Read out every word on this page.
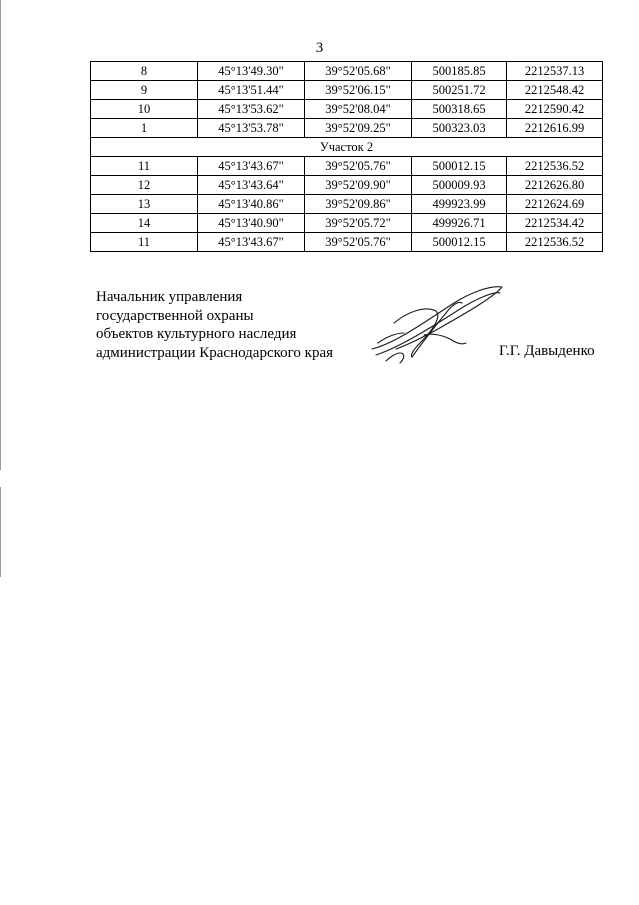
3
8	45°13'49.30"	39°52'05.68"	500185.85	2212537.13
9	45°13'51.44"	39°52'06.15"	500251.72	2212548.42
10	45°13'53.62"	39°52'08.04"	500318.65	2212590.42
1	45°13'53.78"	39°52'09.25"	500323.03	2212616.99
Участок 2				
11	45°13'43.67"	39°52'05.76"	500012.15	2212536.52
12	45°13'43.64"	39°52'09.90"	500009.93	2212626.80
13	45°13'40.86"	39°52'09.86"	499923.99	2212624.69
14	45°13'40.90"	39°52'05.72"	499926.71	2212534.42
11	45°13'43.67"	39°52'05.76"	500012.15	2212536.52
Начальник управления
государственной охраны
объектов культурного наследия
администрации Краснодарского края	Г.Г. Давыденко
